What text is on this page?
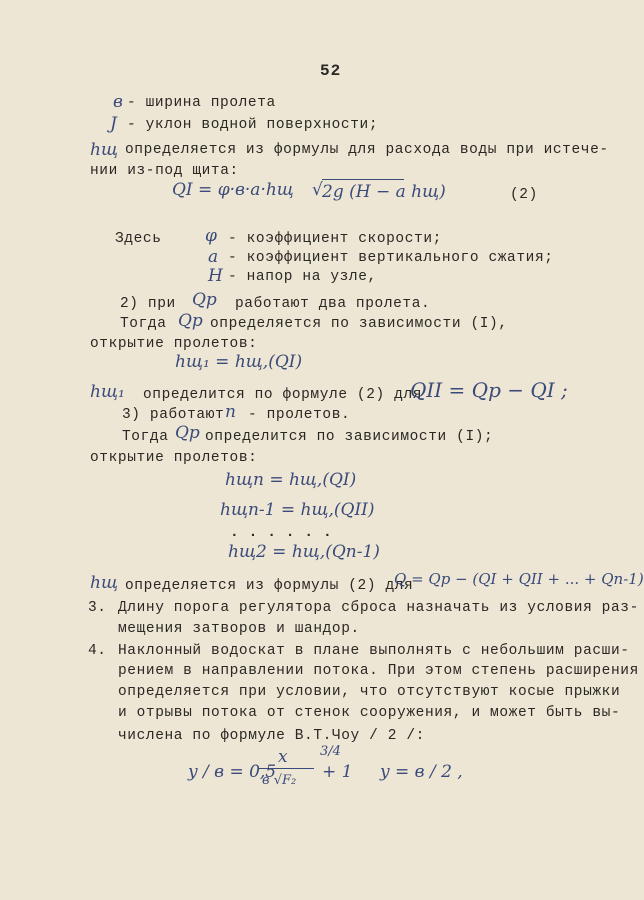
52
в - ширина пролета
J - уклон водной поверхности;
hщ определяется из формулы для расхода воды при истече-
нии из-под щита:
QI = φ·в·a·hщ √ 2g (H − a hщ)	(2)
Здесь	φ - коэффициент скорости;
a - коэффициент вертикального сжатия;
H - напор на узле,
2) при Qp работают два пролета.
Тогда Qp определяется по зависимости (I),
открытие пролетов:
hщ₁ = hщ,(QI)
hщ₁ определится по формуле (2) для
QII = Qp − QI ;
3) работают n - пролетов.
Тогда Qp определится по зависимости (I);
открытие пролетов:
hщn = hщ,(QI)
hщn-1 = hщ,(QII)
. . . . . .
hщ2 = hщ,(Qn-1)
hщ определяется из формулы (2) для
Q = Qp − (QI + QII + ... + Qn-1)
3. Длину порога регулятора сброса назначать из условия раз-
мещения затворов и шандор.
4. Наклонный водоскат в плане выполнять с небольшим расши-
рением в направлении потока. При этом степень расширения
определяется при условии, что отсутствуют косые прыжки
и отрывы потока от стенок сооружения, и может быть вы-
числена по формуле В.Т.Чоу / 2 /:
y / в = 0,5
x
в √F₂
3/4
+ 1 y = в / 2 ,
